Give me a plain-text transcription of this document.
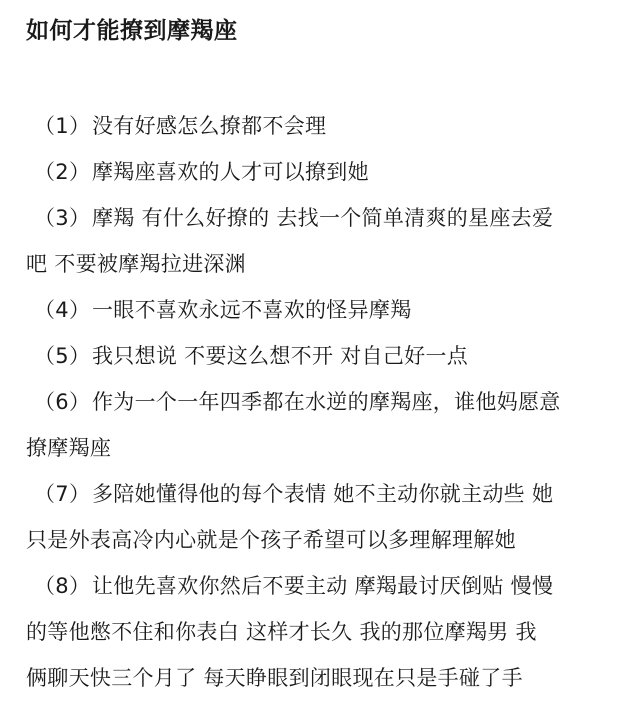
如何才能撩到摩羯座
（1）没有好感怎么撩都不会理
（2）摩羯座喜欢的人才可以撩到她
（3）摩羯 有什么好撩的 去找一个简单清爽的星座去爱
吧 不要被摩羯拉进深渊
（4）一眼不喜欢永远不喜欢的怪异摩羯
（5）我只想说 不要这么想不开 对自己好一点
（6）作为一个一年四季都在水逆的摩羯座，谁他妈愿意
撩摩羯座
（7）多陪她懂得他的每个表情 她不主动你就主动些 她
只是外表高冷内心就是个孩子希望可以多理解理解她
（8）让他先喜欢你然后不要主动 摩羯最讨厌倒贴 慢慢
的等他憋不住和你表白 这样才长久 我的那位摩羯男 我
俩聊天快三个月了 每天睁眼到闭眼现在只是手碰了手
